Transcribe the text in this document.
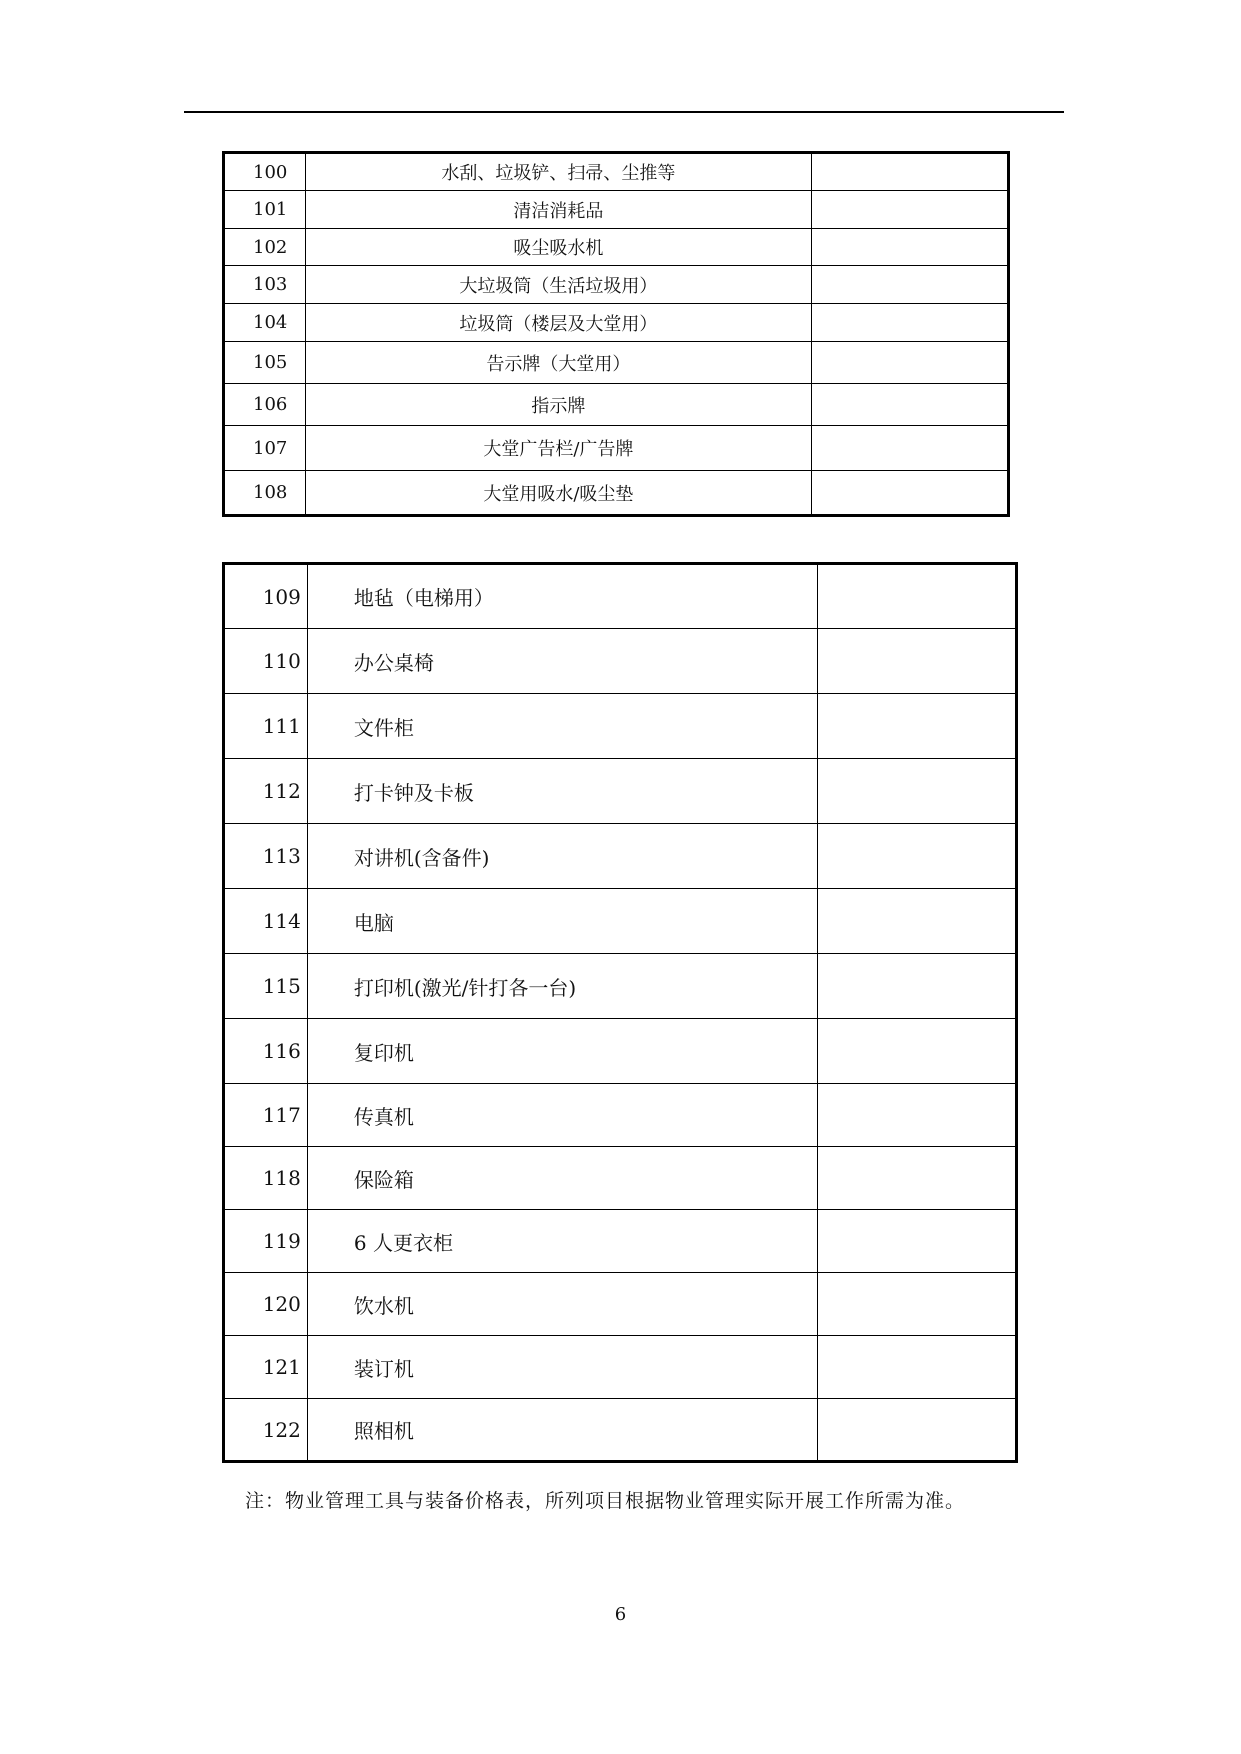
100	水刮、垃圾铲、扫帚、尘推等	
101	清洁消耗品	
102	吸尘吸水机	
103	大垃圾筒（生活垃圾用）	
104	垃圾筒（楼层及大堂用）	
105	告示牌（大堂用）	
106	指示牌	
107	大堂广告栏/广告牌	
108	大堂用吸水/吸尘垫	
109	地毡（电梯用）	
110	办公桌椅	
111	文件柜	
112	打卡钟及卡板	
113	对讲机(含备件)	
114	电脑	
115	打印机(激光/针打各一台)	
116	复印机	
117	传真机	
118	保险箱	
119	6 人更衣柜	
120	饮水机	
121	装订机	
122	照相机	
注：物业管理工具与装备价格表，所列项目根据物业管理实际开展工作所需为准。
6
